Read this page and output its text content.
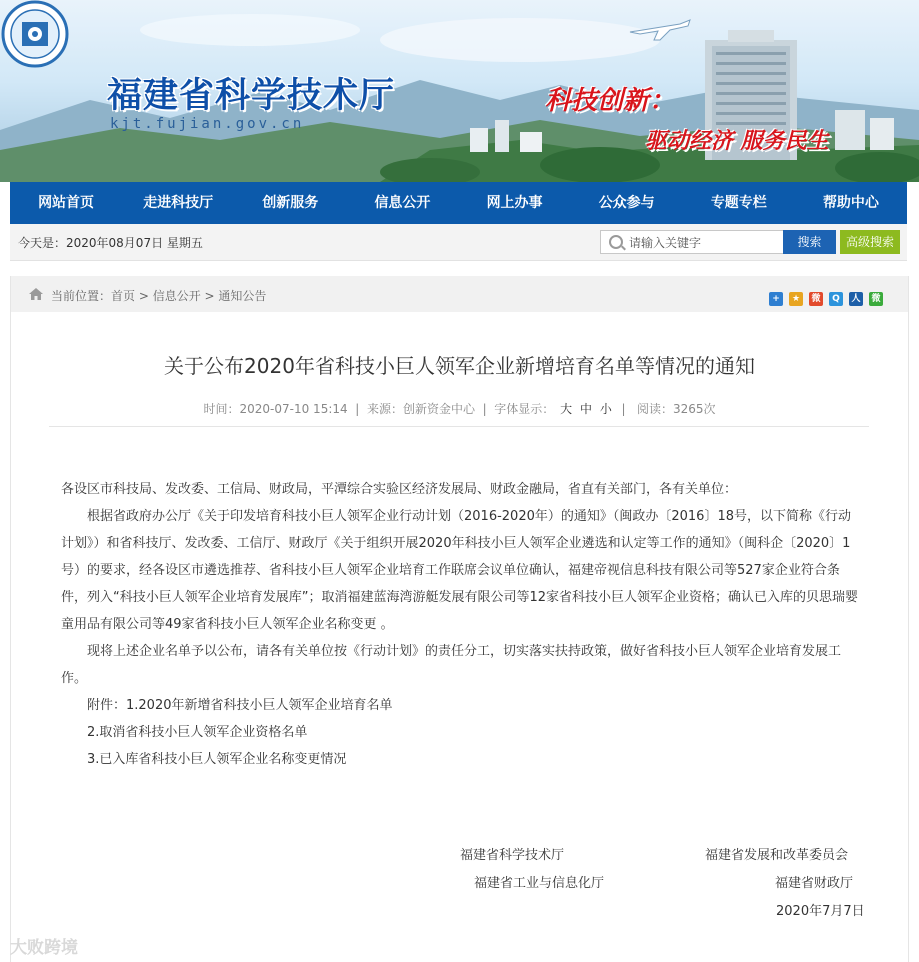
福建省科学技术厅
kjt.fujian.gov.cn
科技创新：
驱动经济 服务民生
网站首页	走进科技厅	创新服务	信息公开	网上办事	公众参与	专题专栏	帮助中心
今天是：2020年08月07日 星期五
请输入关键字	搜索	高级搜索
当前位置：首页 > 信息公开 > 通知公告	+	★	微	Q	人 微
关于公布2020年省科技小巨人领军企业新增培育名单等情况的通知
时间：2020-07-10 15:14  |  来源：创新资金中心  |  字体显示： 大 中 小  |   阅读：3265次

各设区市科技局、发改委、工信局、财政局，平潭综合实验区经济发展局、财政金融局，省直有关部门，各有关单位：

根据省政府办公厅《关于印发培育科技小巨人领军企业行动计划（2016-2020年）的通知》（闽政办〔2016〕18号，以下简称《行动计划》）和省科技厅、发改委、工信厅、财政厅《关于组织开展2020年科技小巨人领军企业遴选和认定等工作的通知》（闽科企〔2020〕1号）的要求，经各设区市遴选推荐、省科技小巨人领军企业培育工作联席会议单位确认，福建帝视信息科技有限公司等527家企业符合条件，列入“科技小巨人领军企业培育发展库”；取消福建蓝海湾游艇发展有限公司等12家省科技小巨人领军企业资格；确认已入库的贝思瑞婴童用品有限公司等49家省科技小巨人领军企业名称变更 。

现将上述企业名单予以公布，请各有关单位按《行动计划》的责任分工，切实落实扶持政策，做好省科技小巨人领军企业培育发展工作。

附件：1.2020年新增省科技小巨人领军企业培育名单

2.取消省科技小巨人领军企业资格名单

3.已入库省科技小巨人领军企业名称变更情况

福建省科学技术厅
福建省工业与信息化厅
福建省发展和改革委员会
福建省财政厅
2020年7月7日
大败跨境
